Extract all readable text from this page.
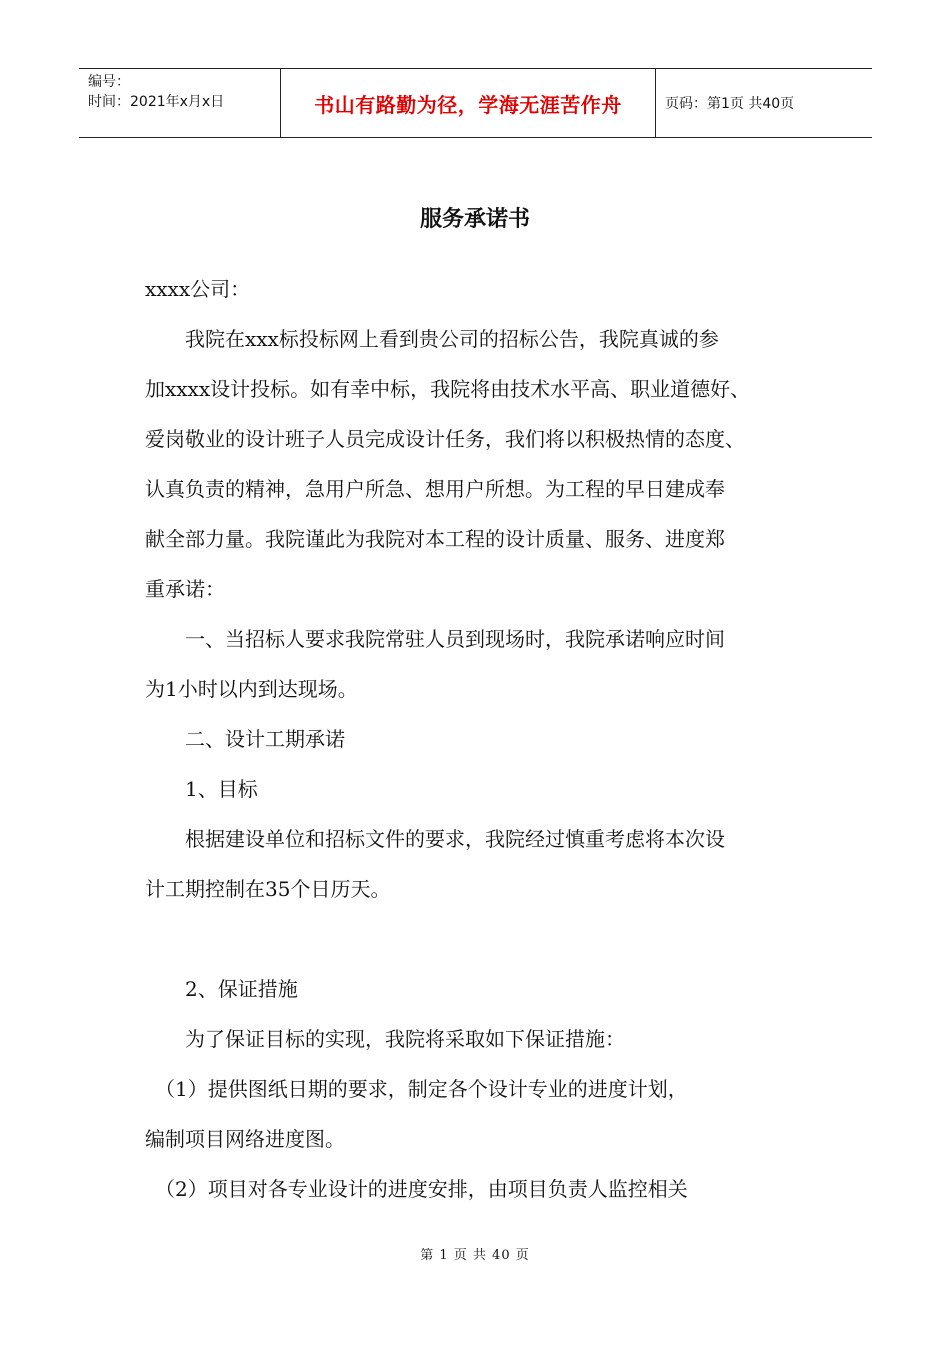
编号：
时间：2021年x月x日	书山有路勤为径，学海无涯苦作舟	页码：第1页 共40页
服务承诺书

xxxx公司：

　　我院在xxx标投标网上看到贵公司的招标公告，我院真诚的参

加xxxx设计投标。如有幸中标，我院将由技术水平高、职业道德好、

爱岗敬业的设计班子人员完成设计任务，我们将以积极热情的态度、

认真负责的精神，急用户所急、想用户所想。为工程的早日建成奉

献全部力量。我院谨此为我院对本工程的设计质量、服务、进度郑

重承诺：

　　一、当招标人要求我院常驻人员到现场时，我院承诺响应时间

为1小时以内到达现场。

　　二、设计工期承诺

　　1、目标

　　根据建设单位和招标文件的要求，我院经过慎重考虑将本次设

计工期控制在35个日历天。

　　2、保证措施

　　为了保证目标的实现，我院将采取如下保证措施：

　（1）提供图纸日期的要求，制定各个设计专业的进度计划，

编制项目网络进度图。

　（2）项目对各专业设计的进度安排，由项目负责人监控相关

第 1 页 共 40 页
